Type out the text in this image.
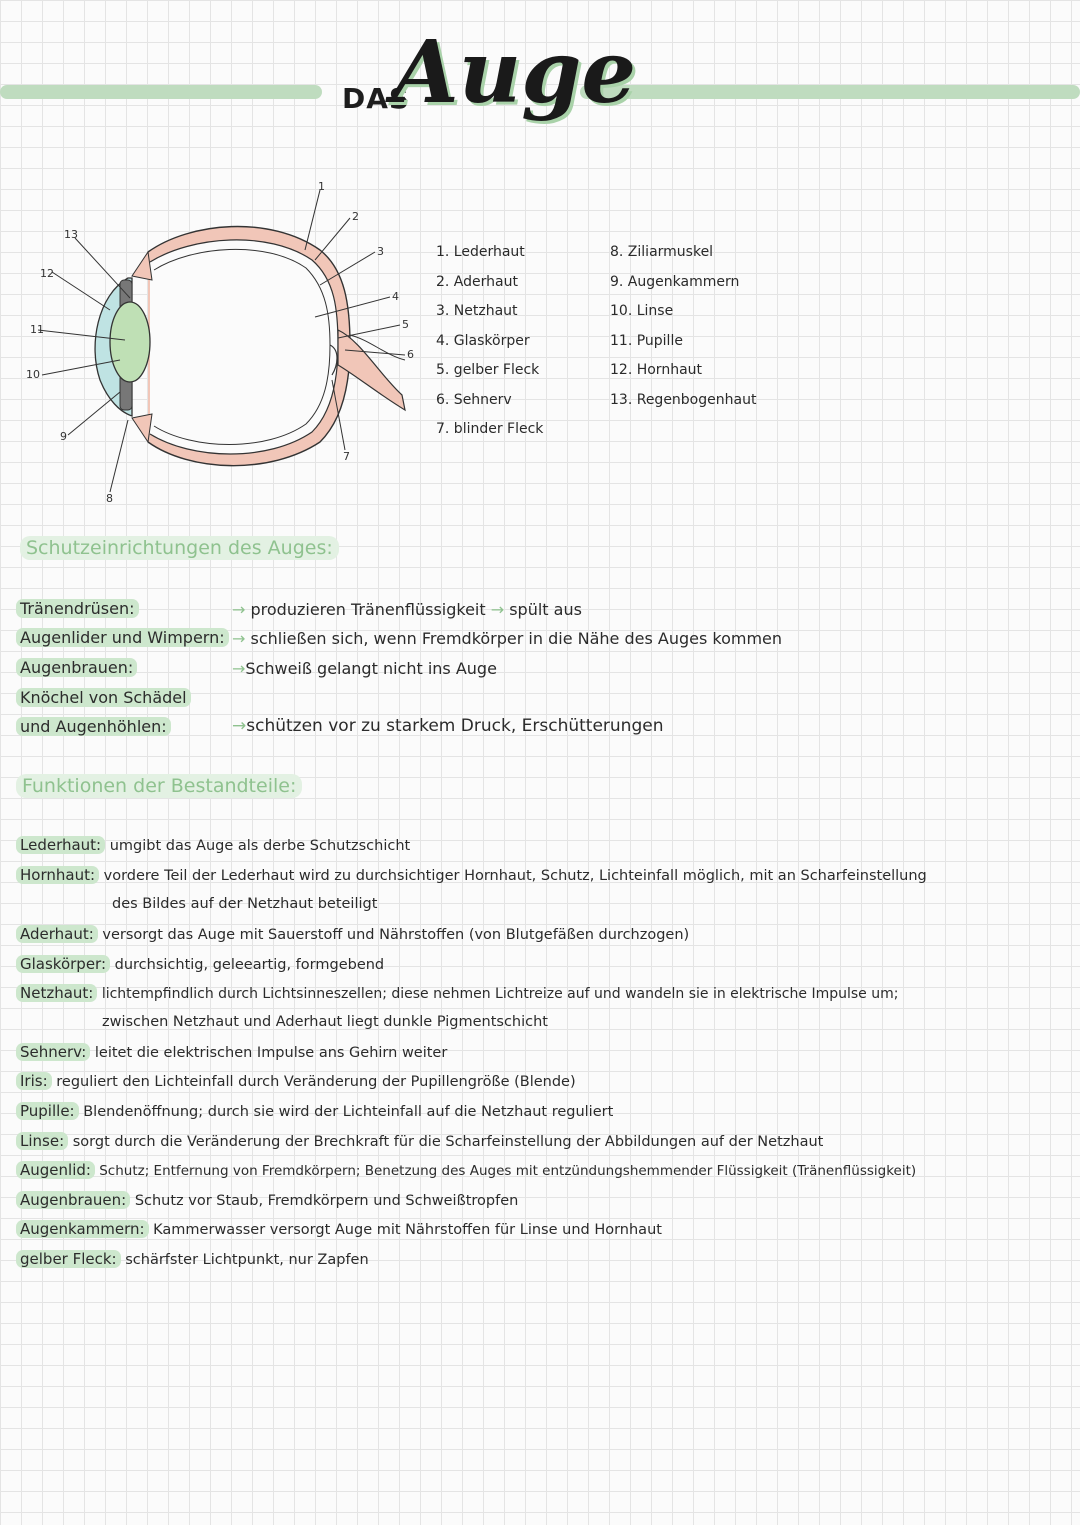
DAS
Auge
1
2
3
4
5
6
7
8
9
10
11
12
13
1. Lederhaut
2. Aderhaut
3. Netzhaut
4. Glaskörper
5. gelber Fleck
6. Sehnerv
7. blinder Fleck
8. Ziliarmuskel
9. Augenkammern
10. Linse
11. Pupille
12. Hornhaut
13. Regenbogenhaut
Schutzeinrichtungen des Auges:
Tränendrüsen:	→ produzieren Tränenflüssigkeit → spült aus
Augenlider und Wimpern: → schließen sich, wenn Fremdkörper in die Nähe des Auges kommen
Augenbrauen:	→Schweiß gelangt nicht ins Auge
Knöchel von Schädel
und Augenhöhlen:	→schützen vor zu starkem Druck, Erschütterungen
Funktionen der Bestandteile:
Lederhaut: umgibt das Auge als derbe Schutzschicht
Hornhaut: vordere Teil der Lederhaut wird zu durchsichtiger Hornhaut, Schutz, Lichteinfall möglich, mit an Scharfeinstellung
des Bildes auf der Netzhaut beteiligt
Aderhaut: versorgt das Auge mit Sauerstoff und Nährstoffen (von Blutgefäßen durchzogen)
Glaskörper: durchsichtig, geleeartig, formgebend
Netzhaut: lichtempfindlich durch Lichtsinneszellen; diese nehmen Lichtreize auf und wandeln sie in elektrische Impulse um;
zwischen Netzhaut und Aderhaut liegt dunkle Pigmentschicht
Sehnerv: leitet die elektrischen Impulse ans Gehirn weiter
Iris: reguliert den Lichteinfall durch Veränderung der Pupillengröße (Blende)
Pupille: Blendenöffnung; durch sie wird der Lichteinfall auf die Netzhaut reguliert
Linse: sorgt durch die Veränderung der Brechkraft für die Scharfeinstellung der Abbildungen auf der Netzhaut
Augenlid: Schutz; Entfernung von Fremdkörpern; Benetzung des Auges mit entzündungshemmender Flüssigkeit (Tränenflüssigkeit)
Augenbrauen: Schutz vor Staub, Fremdkörpern und Schweißtropfen
Augenkammern: Kammerwasser versorgt Auge mit Nährstoffen für Linse und Hornhaut
gelber Fleck: schärfster Lichtpunkt, nur Zapfen
